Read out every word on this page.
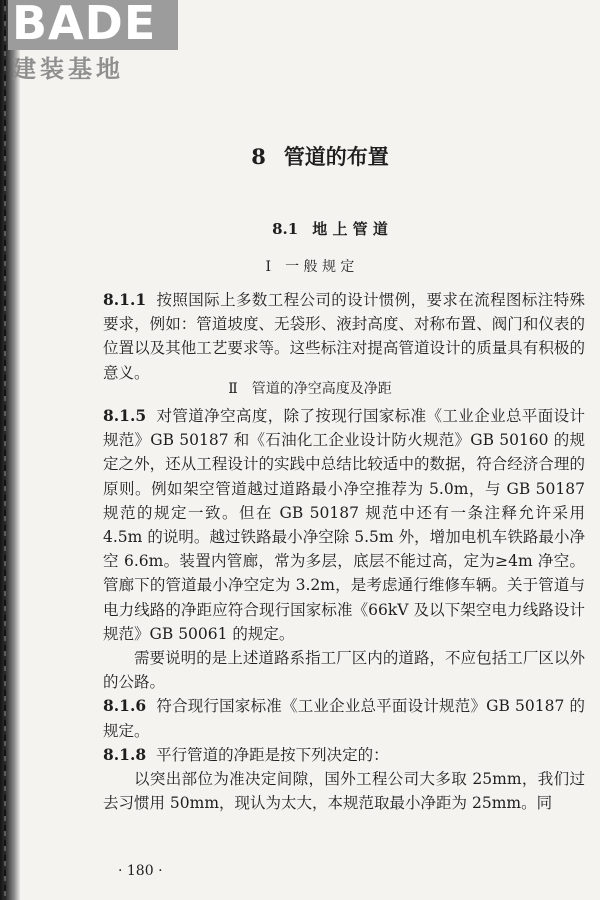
BADE
建装基地
8 管道的布置
8.1 地 上 管 道
Ⅰ 一 般 规 定

8.1.1 按照国际上多数工程公司的设计惯例，要求在流程图标注特殊要求，例如：管道坡度、无袋形、液封高度、对称布置、阀门和仪表的位置以及其他工艺要求等。这些标注对提高管道设计的质量具有积极的意义。

Ⅱ 管道的净空高度及净距

8.1.5 对管道净空高度，除了按现行国家标准《工业企业总平面设计规范》GB 50187 和《石油化工企业设计防火规范》GB 50160 的规定之外，还从工程设计的实践中总结比较适中的数据，符合经济合理的原则。例如架空管道越过道路最小净空推荐为 5.0m，与 GB 50187 规范的规定一致。但在 GB 50187 规范中还有一条注释允许采用 4.5m 的说明。越过铁路最小净空除 5.5m 外，增加电机车铁路最小净空 6.6m。装置内管廊，常为多层，底层不能过高，定为≥4m 净空。管廊下的管道最小净空定为 3.2m，是考虑通行维修车辆。关于管道与电力线路的净距应符合现行国家标准《66kV 及以下架空电力线路设计规范》GB 50061 的规定。

需要说明的是上述道路系指工厂区内的道路，不应包括工厂区以外的公路。

8.1.6 符合现行国家标准《工业企业总平面设计规范》GB 50187 的规定。

8.1.8 平行管道的净距是按下列决定的：

以突出部位为准决定间隙，国外工程公司大多取 25mm，我们过去习惯用 50mm，现认为太大，本规范取最小净距为 25mm。同

· 180 ·
